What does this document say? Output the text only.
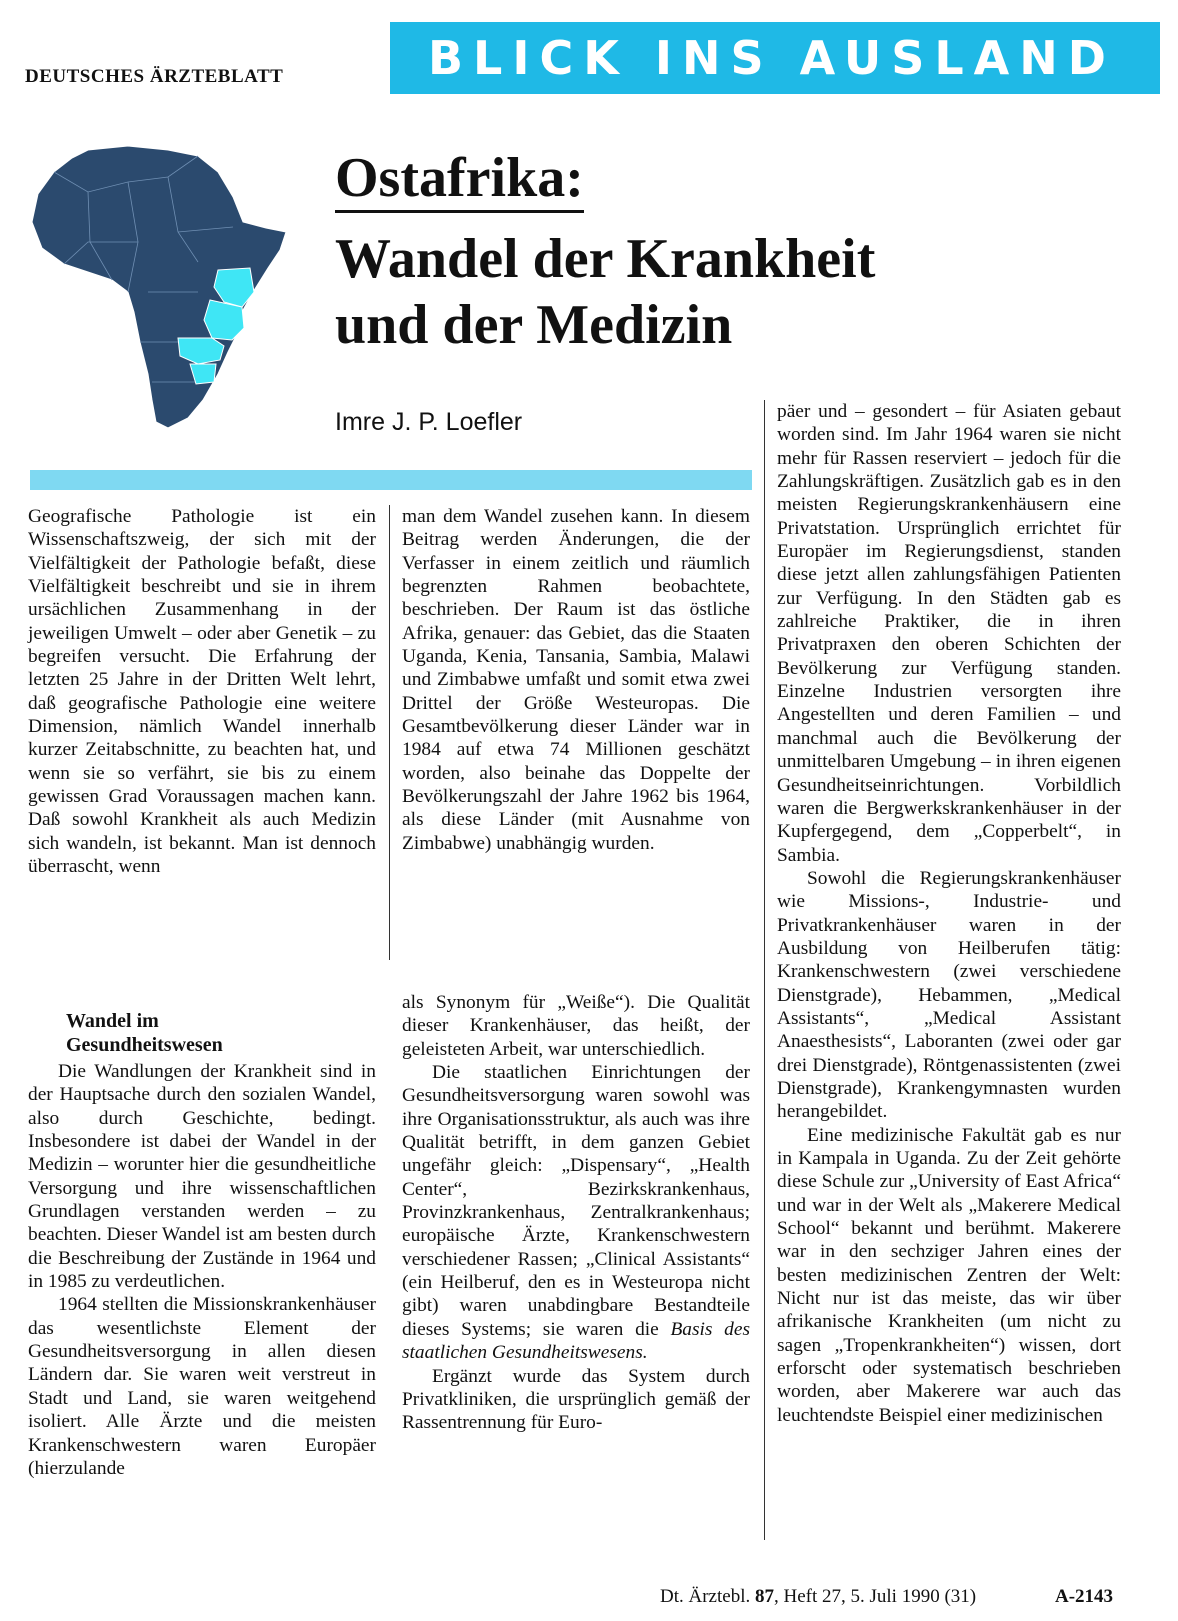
DEUTSCHES ÄRZTEBLATT	BLICK INS AUSLAND
Ostafrika:
Wandel der Krankheit
und der Medizin
Imre J. P. Loefler

Geografische Pathologie ist ein Wissenschaftszweig, der sich mit der Vielfältigkeit der Pathologie befaßt, diese Vielfältigkeit beschreibt und sie in ihrem ursächlichen Zusammenhang in der jeweiligen Umwelt – oder aber Genetik – zu begreifen versucht. Die Erfahrung der letzten 25 Jahre in der Dritten Welt lehrt, daß geografische Pathologie eine weitere Dimension, nämlich Wandel innerhalb kurzer Zeitabschnitte, zu beachten hat, und wenn sie so verfährt, sie bis zu einem gewissen Grad Voraussagen machen kann. Daß sowohl Krankheit als auch Medizin sich wandeln, ist bekannt. Man ist dennoch überrascht, wenn

Wandel im
Gesundheitswesen

Die Wandlungen der Krankheit sind in der Hauptsache durch den sozialen Wandel, also durch Geschichte, bedingt. Insbesondere ist dabei der Wandel in der Medizin – worunter hier die gesundheitliche Versorgung und ihre wissenschaftlichen Grundlagen verstanden werden – zu beachten. Dieser Wandel ist am besten durch die Beschreibung der Zustände in 1964 und in 1985 zu verdeutlichen.

1964 stellten die Missionskrankenhäuser das wesentlichste Element der Gesundheitsversorgung in allen diesen Ländern dar. Sie waren weit verstreut in Stadt und Land, sie waren weitgehend isoliert. Alle Ärzte und die meisten Krankenschwestern waren Europäer (hierzulande

man dem Wandel zusehen kann. In diesem Beitrag werden Änderungen, die der Verfasser in einem zeitlich und räumlich begrenzten Rahmen beobachtete, beschrieben. Der Raum ist das östliche Afrika, genauer: das Gebiet, das die Staaten Uganda, Kenia, Tansania, Sambia, Malawi und Zimbabwe umfaßt und somit etwa zwei Drittel der Größe Westeuropas. Die Gesamtbevölkerung dieser Länder war in 1984 auf etwa 74 Millionen geschätzt worden, also beinahe das Doppelte der Bevölkerungszahl der Jahre 1962 bis 1964, als diese Länder (mit Ausnahme von Zimbabwe) unabhängig wurden.

als Synonym für „Weiße“). Die Qualität dieser Krankenhäuser, das heißt, der geleisteten Arbeit, war unterschiedlich.

Die staatlichen Einrichtungen der Gesundheitsversorgung waren sowohl was ihre Organisationsstruktur, als auch was ihre Qualität betrifft, in dem ganzen Gebiet ungefähr gleich: „Dispensary“, „Health Center“, Bezirkskrankenhaus, Provinzkrankenhaus, Zentralkrankenhaus; europäische Ärzte, Krankenschwestern verschiedener Rassen; „Clinical Assistants“ (ein Heilberuf, den es in Westeuropa nicht gibt) waren unabdingbare Bestandteile dieses Systems; sie waren die Basis des staatlichen Gesundheitswesens.

Ergänzt wurde das System durch Privatkliniken, die ursprünglich gemäß der Rassentrennung für Euro-

päer und – gesondert – für Asiaten gebaut worden sind. Im Jahr 1964 waren sie nicht mehr für Rassen reserviert – jedoch für die Zahlungskräftigen. Zusätzlich gab es in den meisten Regierungskrankenhäusern eine Privatstation. Ursprünglich errichtet für Europäer im Regierungsdienst, standen diese jetzt allen zahlungsfähigen Patienten zur Verfügung. In den Städten gab es zahlreiche Praktiker, die in ihren Privatpraxen den oberen Schichten der Bevölkerung zur Verfügung standen. Einzelne Industrien versorgten ihre Angestellten und deren Familien – und manchmal auch die Bevölkerung der unmittelbaren Umgebung – in ihren eigenen Gesundheitseinrichtungen. Vorbildlich waren die Bergwerkskrankenhäuser in der Kupfergegend, dem „Copperbelt“, in Sambia.

Sowohl die Regierungskrankenhäuser wie Missions-, Industrie- und Privatkrankenhäuser waren in der Ausbildung von Heilberufen tätig: Krankenschwestern (zwei verschiedene Dienstgrade), Hebammen, „Medical Assistants“, „Medical Assistant Anaesthesists“, Laboranten (zwei oder gar drei Dienstgrade), Röntgenassistenten (zwei Dienstgrade), Krankengymnasten wurden herangebildet.

Eine medizinische Fakultät gab es nur in Kampala in Uganda. Zu der Zeit gehörte diese Schule zur „University of East Africa“ und war in der Welt als „Makerere Medical School“ bekannt und berühmt. Makerere war in den sechziger Jahren eines der besten medizinischen Zentren der Welt: Nicht nur ist das meiste, das wir über afrikanische Krankheiten (um nicht zu sagen „Tropenkrankheiten“) wissen, dort erforscht oder systematisch beschrieben worden, aber Makerere war auch das leuchtendste Beispiel einer medizinischen

Dt. Ärztebl. 87, Heft 27, 5. Juli 1990 (31)	A-2143
